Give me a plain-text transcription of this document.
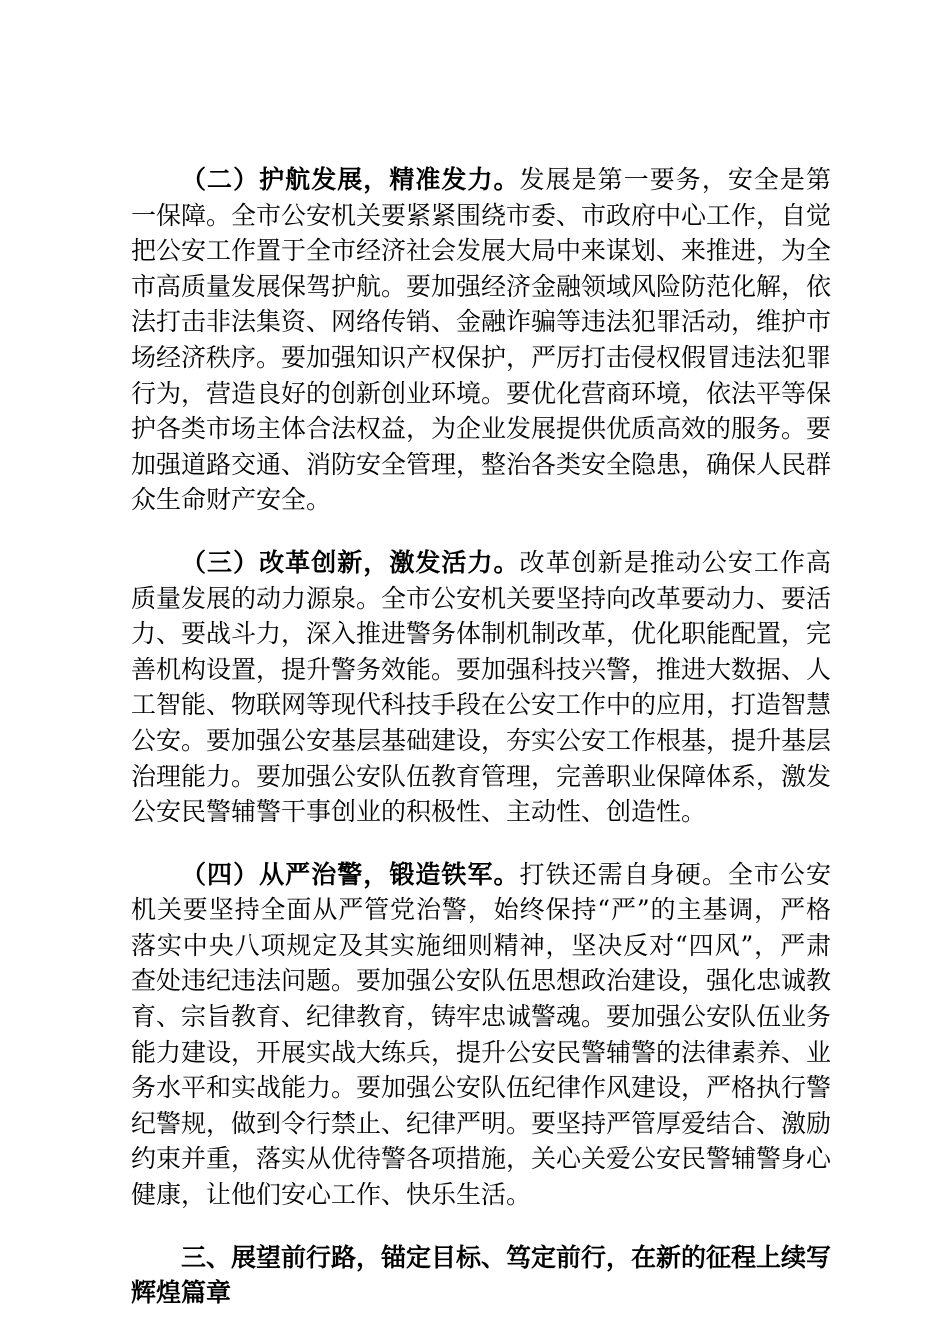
（二）护航发展，精准发力。发展是第一要务，安全是第一保障。全市公安机关要紧紧围绕市委、市政府中心工作，自觉把公安工作置于全市经济社会发展大局中来谋划、来推进，为全市高质量发展保驾护航。要加强经济金融领域风险防范化解，依法打击非法集资、网络传销、金融诈骗等违法犯罪活动，维护市场经济秩序。要加强知识产权保护，严厉打击侵权假冒违法犯罪行为，营造良好的创新创业环境。要优化营商环境，依法平等保护各类市场主体合法权益，为企业发展提供优质高效的服务。要加强道路交通、消防安全管理，整治各类安全隐患，确保人民群众生命财产安全。

（三）改革创新，激发活力。改革创新是推动公安工作高质量发展的动力源泉。全市公安机关要坚持向改革要动力、要活力、要战斗力，深入推进警务体制机制改革，优化职能配置，完善机构设置，提升警务效能。要加强科技兴警，推进大数据、人工智能、物联网等现代科技手段在公安工作中的应用，打造智慧公安。要加强公安基层基础建设，夯实公安工作根基，提升基层治理能力。要加强公安队伍教育管理，完善职业保障体系，激发公安民警辅警干事创业的积极性、主动性、创造性。

（四）从严治警，锻造铁军。打铁还需自身硬。全市公安机关要坚持全面从严管党治警，始终保持“严”的主基调，严格落实中央八项规定及其实施细则精神，坚决反对“四风”，严肃查处违纪违法问题。要加强公安队伍思想政治建设，强化忠诚教育、宗旨教育、纪律教育，铸牢忠诚警魂。要加强公安队伍业务能力建设，开展实战大练兵，提升公安民警辅警的法律素养、业务水平和实战能力。要加强公安队伍纪律作风建设，严格执行警纪警规，做到令行禁止、纪律严明。要坚持严管厚爱结合、激励约束并重，落实从优待警各项措施，关心关爱公安民警辅警身心健康，让他们安心工作、快乐生活。

三、展望前行路，锚定目标、笃定前行，在新的征程上续写辉煌篇章
